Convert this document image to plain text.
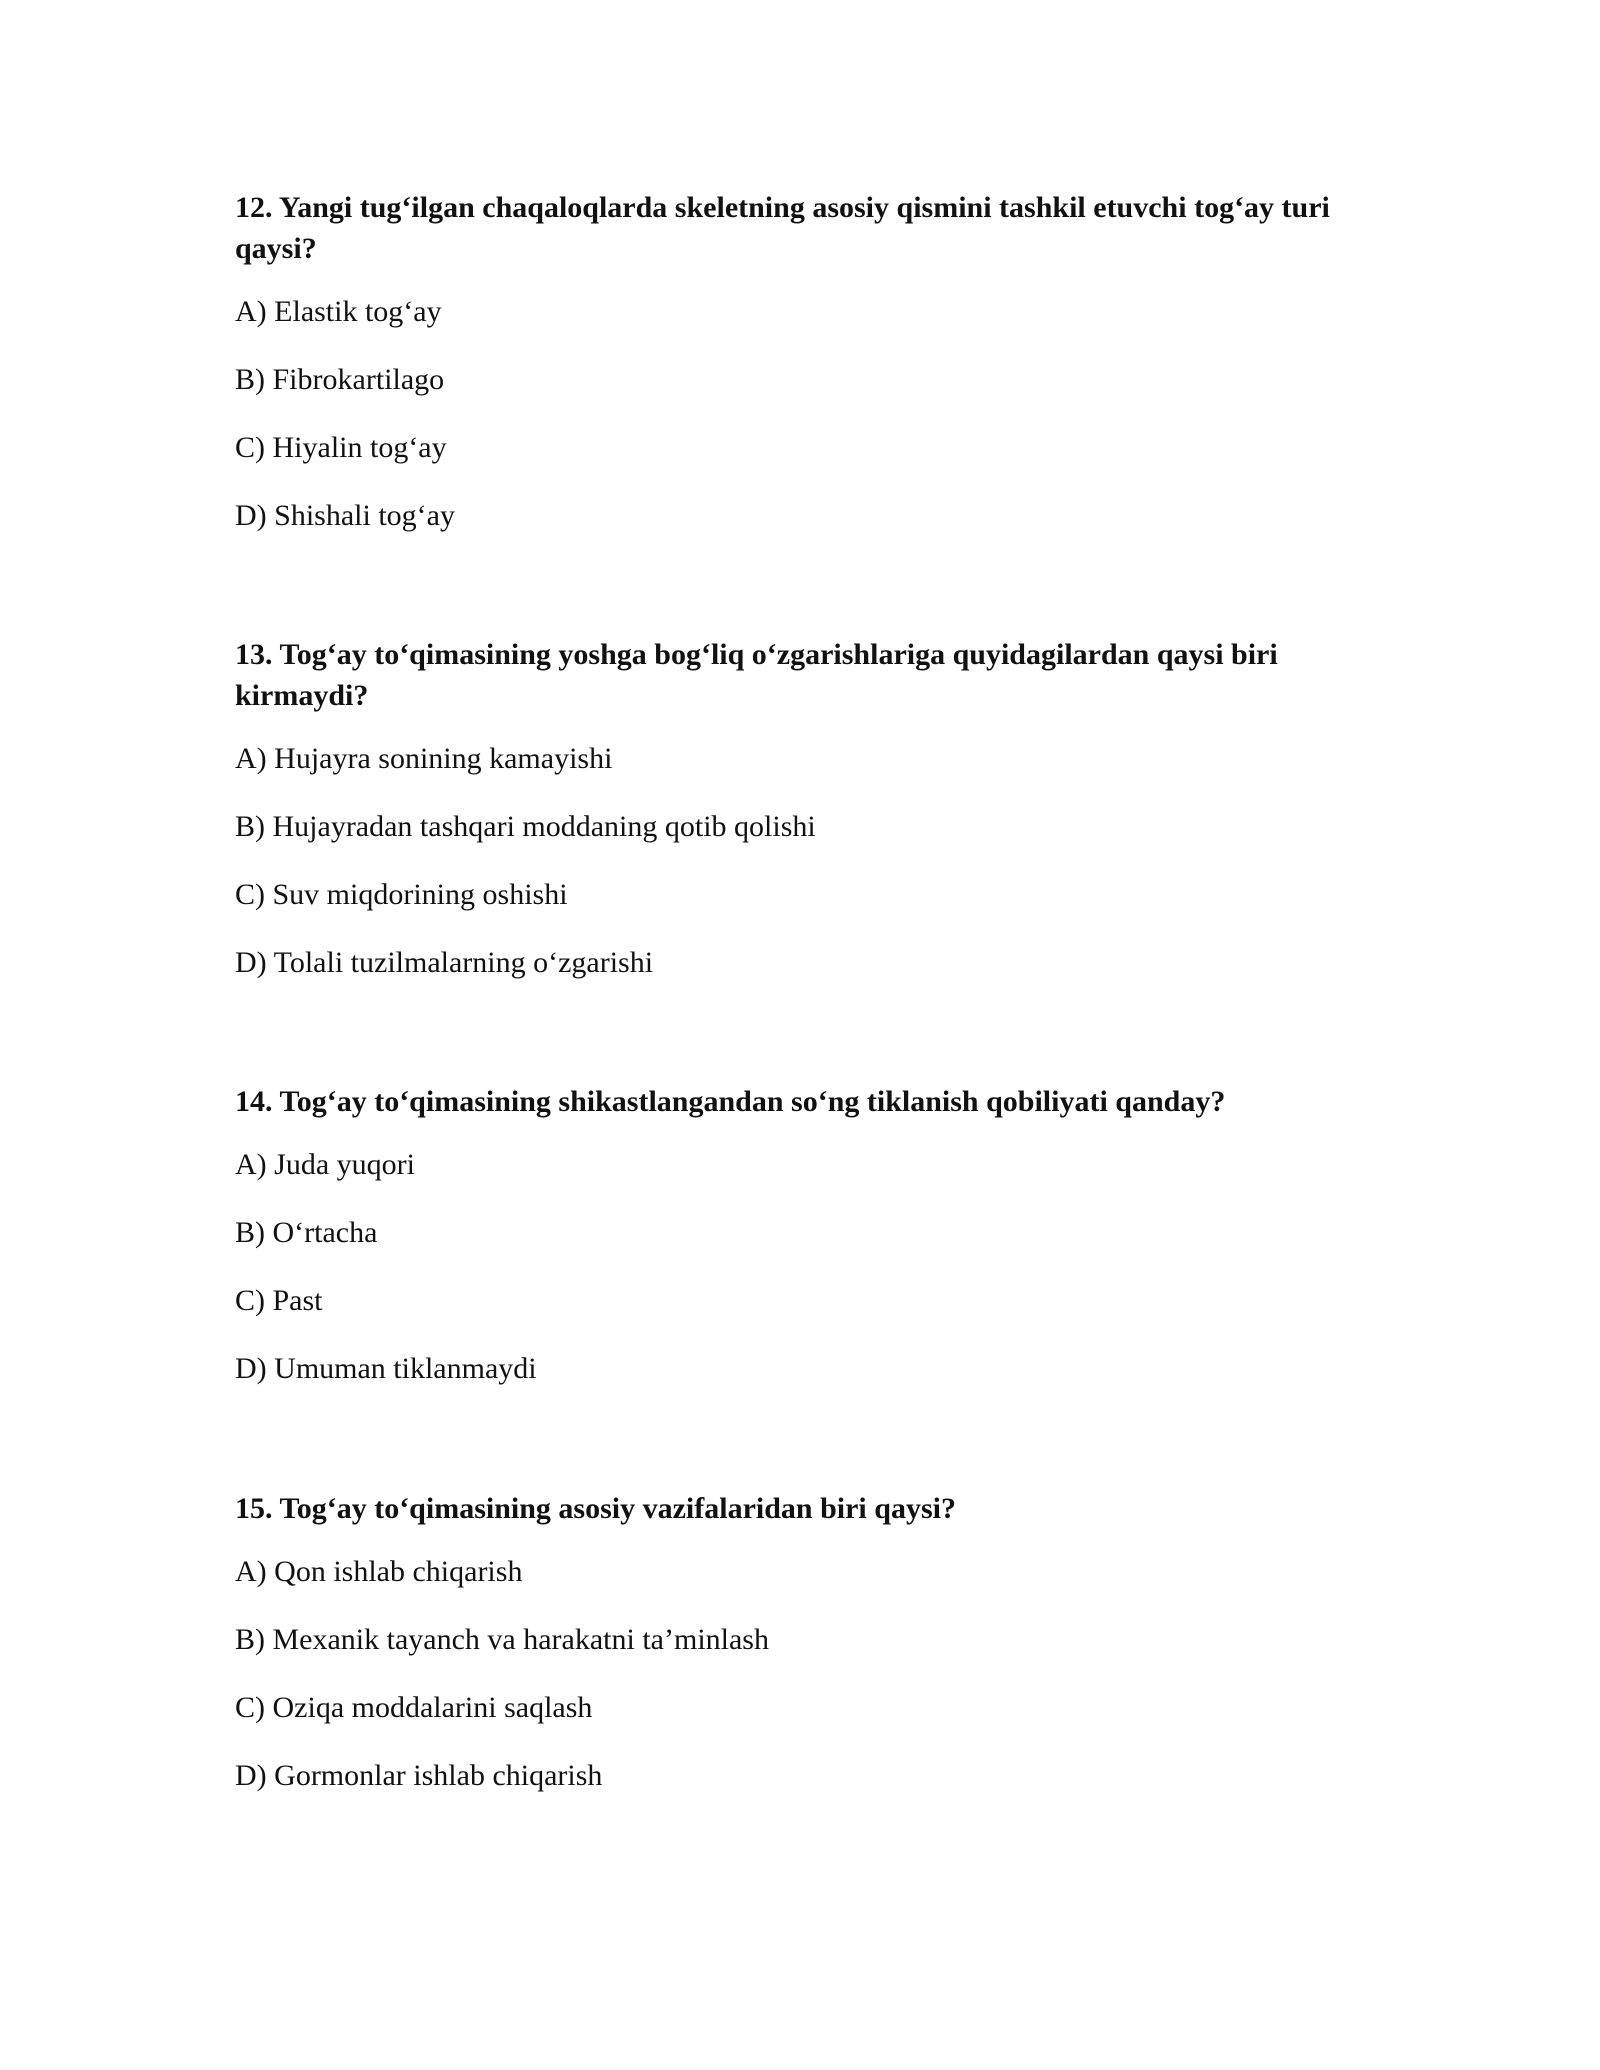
12. Yangi tug‘ilgan chaqaloqlarda skeletning asosiy qismini tashkil etuvchi tog‘ay turi qaysi?

A) Elastik tog‘ay

B) Fibrokartilago

C) Hiyalin tog‘ay

D) Shishali tog‘ay

13. Tog‘ay to‘qimasining yoshga bog‘liq o‘zgarishlariga quyidagilardan qaysi biri kirmaydi?

A) Hujayra sonining kamayishi

B) Hujayradan tashqari moddaning qotib qolishi

C) Suv miqdorining oshishi

D) Tolali tuzilmalarning o‘zgarishi

14. Tog‘ay to‘qimasining shikastlangandan so‘ng tiklanish qobiliyati qanday?

A) Juda yuqori

B) O‘rtacha

C) Past

D) Umuman tiklanmaydi

15. Tog‘ay to‘qimasining asosiy vazifalaridan biri qaysi?

A) Qon ishlab chiqarish

B) Mexanik tayanch va harakatni ta’minlash

C) Oziqa moddalarini saqlash

D) Gormonlar ishlab chiqarish
